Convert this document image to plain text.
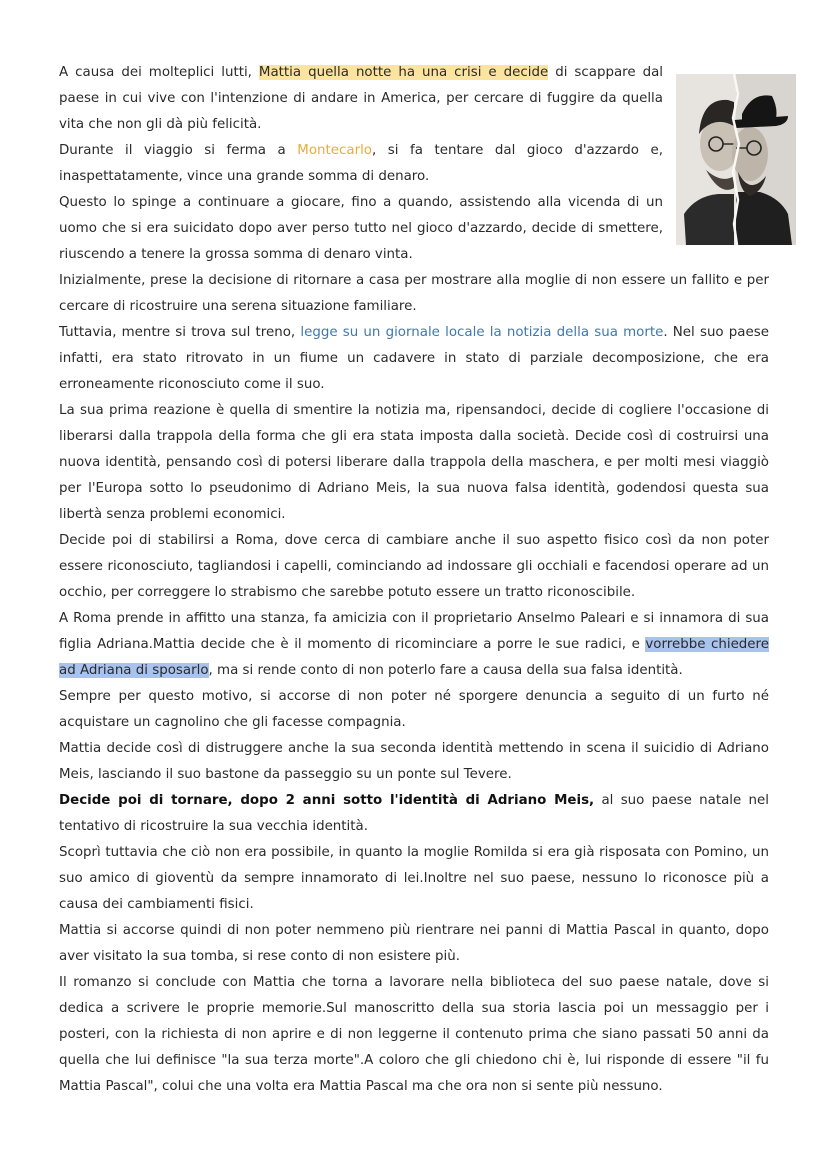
A causa dei molteplici lutti, Mattia quella notte ha una crisi e decide di scappare dal paese in cui vive con l'intenzione di andare in America, per cercare di fuggire da quella vita che non gli dà più felicità.

Durante il viaggio si ferma a Montecarlo, si fa tentare dal gioco d'azzardo e, inaspettatamente, vince una grande somma di denaro.

Questo lo spinge a continuare a giocare, fino a quando, assistendo alla vicenda di un uomo che si era suicidato dopo aver perso tutto nel gioco d'azzardo, decide di smettere, riuscendo a tenere la grossa somma di denaro vinta.

Inizialmente, prese la decisione di ritornare a casa per mostrare alla moglie di non essere un fallito e per cercare di ricostruire una serena situazione familiare.

Tuttavia, mentre si trova sul treno, legge su un giornale locale la notizia della sua morte. Nel suo paese infatti, era stato ritrovato in un fiume un cadavere in stato di parziale decomposizione, che era erroneamente riconosciuto come il suo.

La sua prima reazione è quella di smentire la notizia ma, ripensandoci, decide di cogliere l'occasione di liberarsi dalla trappola della forma che gli era stata imposta dalla società. Decide così di costruirsi una nuova identità, pensando così di potersi liberare dalla trappola della maschera, e per molti mesi viaggiò per l'Europa sotto lo pseudonimo di Adriano Meis, la sua nuova falsa identità, godendosi questa sua libertà senza problemi economici.

Decide poi di stabilirsi a Roma, dove cerca di cambiare anche il suo aspetto fisico così da non poter essere riconosciuto, tagliandosi i capelli, cominciando ad indossare gli occhiali e facendosi operare ad un occhio, per correggere lo strabismo che sarebbe potuto essere un tratto riconoscibile.

A Roma prende in affitto una stanza, fa amicizia con il proprietario Anselmo Paleari e si innamora di sua figlia Adriana.Mattia decide che è il momento di ricominciare a porre le sue radici, e vorrebbe chiedere ad Adriana di sposarlo, ma si rende conto di non poterlo fare a causa della sua falsa identità.

Sempre per questo motivo, si accorse di non poter né sporgere denuncia a seguito di un furto né acquistare un cagnolino che gli facesse compagnia.

Mattia decide così di distruggere anche la sua seconda identità mettendo in scena il suicidio di Adriano Meis, lasciando il suo bastone da passeggio su un ponte sul Tevere.

Decide poi di tornare, dopo 2 anni sotto l'identità di Adriano Meis, al suo paese natale nel tentativo di ricostruire la sua vecchia identità.

Scoprì tuttavia che ciò non era possibile, in quanto la moglie Romilda si era già risposata con Pomino, un suo amico di gioventù da sempre innamorato di lei.Inoltre nel suo paese, nessuno lo riconosce più a causa dei cambiamenti fisici.

Mattia si accorse quindi di non poter nemmeno più rientrare nei panni di Mattia Pascal in quanto, dopo aver visitato la sua tomba, si rese conto di non esistere più.

Il romanzo si conclude con Mattia che torna a lavorare nella biblioteca del suo paese natale, dove si dedica a scrivere le proprie memorie.Sul manoscritto della sua storia lascia poi un messaggio per i posteri, con la richiesta di non aprire e di non leggerne il contenuto prima che siano passati 50 anni da quella che lui definisce "la sua terza morte".A coloro che gli chiedono chi è, lui risponde di essere "il fu Mattia Pascal", colui che una volta era Mattia Pascal ma che ora non si sente più nessuno.
